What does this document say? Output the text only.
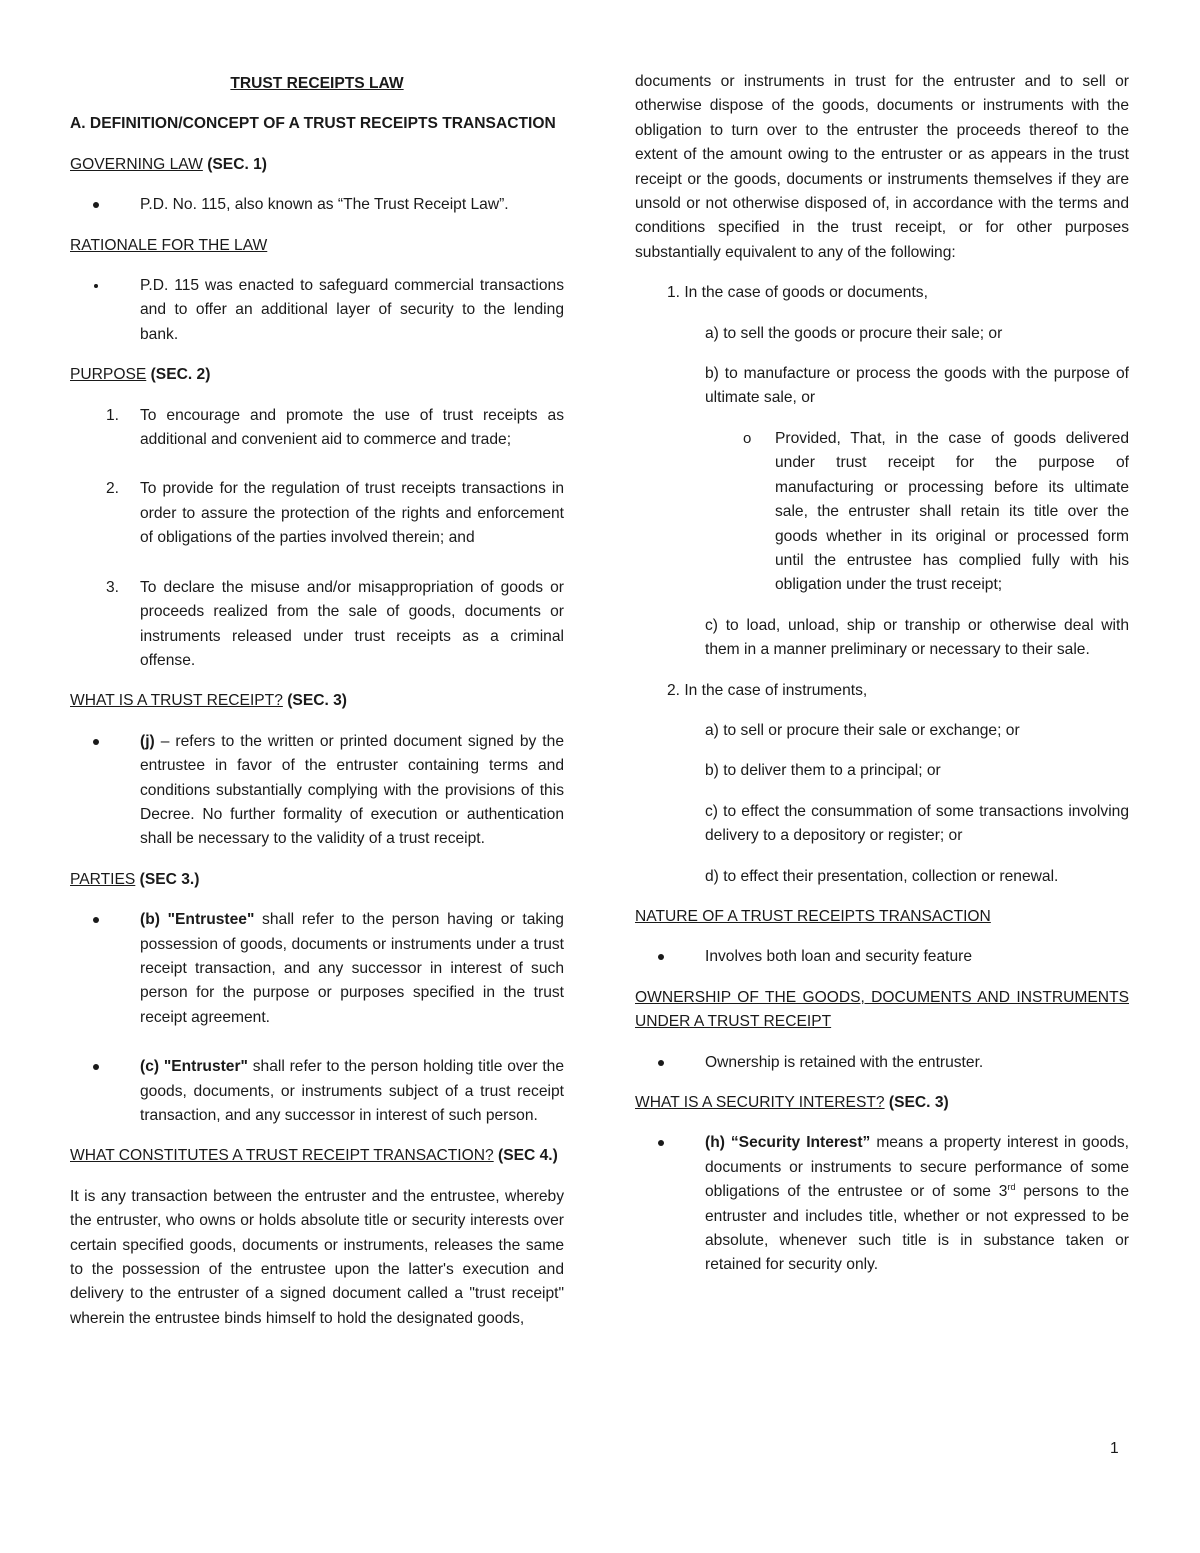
TRUST RECEIPTS LAW

A. DEFINITION/CONCEPT OF A TRUST RECEIPTS TRANSACTION

GOVERNING LAW (SEC. 1)

P.D. No. 115, also known as “The Trust Receipt Law”.

RATIONALE FOR THE LAW

P.D. 115 was enacted to safeguard commercial transactions and to offer an additional layer of security to the lending bank.

PURPOSE (SEC. 2)

1.	To encourage and promote the use of trust receipts as additional and convenient aid to commerce and trade;
2.	To provide for the regulation of trust receipts transactions in order to assure the protection of the rights and enforcement of obligations of the parties involved therein; and
3.	To declare the misuse and/or misappropriation of goods or proceeds realized from the sale of goods, documents or instruments released under trust receipts as a criminal offense.

WHAT IS A TRUST RECEIPT? (SEC. 3)

(j) – refers to the written or printed document signed by the entrustee in favor of the entruster containing terms and conditions substantially complying with the provisions of this Decree. No further formality of execution or authentication shall be necessary to the validity of a trust receipt.

PARTIES (SEC 3.)

(b) "Entrustee" shall refer to the person having or taking possession of goods, documents or instruments under a trust receipt transaction, and any successor in interest of such person for the purpose or purposes specified in the trust receipt agreement.
(c) "Entruster" shall refer to the person holding title over the goods, documents, or instruments subject of a trust receipt transaction, and any successor in interest of such person.

WHAT CONSTITUTES A TRUST RECEIPT TRANSACTION? (SEC 4.)

It is any transaction between the entruster and the entrustee, whereby the entruster, who owns or holds absolute title or security interests over certain specified goods, documents or instruments, releases the same to the possession of the entrustee upon the latter's execution and delivery to the entruster of a signed document called a "trust receipt" wherein the entrustee binds himself to hold the designated goods,

documents or instruments in trust for the entruster and to sell or otherwise dispose of the goods, documents or instruments with the obligation to turn over to the entruster the proceeds thereof to the extent of the amount owing to the entruster or as appears in the trust receipt or the goods, documents or instruments themselves if they are unsold or not otherwise disposed of, in accordance with the terms and conditions specified in the trust receipt, or for other purposes substantially equivalent to any of the following:

1. In the case of goods or documents,

a) to sell the goods or procure their sale; or

b) to manufacture or process the goods with the purpose of ultimate sale, or

o Provided, That, in the case of goods delivered under trust receipt for the purpose of manufacturing or processing before its ultimate sale, the entruster shall retain its title over the goods whether in its original or processed form until the entrustee has complied fully with his obligation under the trust receipt;

c) to load, unload, ship or tranship or otherwise deal with them in a manner preliminary or necessary to their sale.

2. In the case of instruments,

a) to sell or procure their sale or exchange; or

b) to deliver them to a principal; or

c) to effect the consummation of some transactions involving delivery to a depository or register; or

d) to effect their presentation, collection or renewal.

NATURE OF A TRUST RECEIPTS TRANSACTION

Involves both loan and security feature

OWNERSHIP OF THE GOODS, DOCUMENTS AND INSTRUMENTS UNDER A TRUST RECEIPT

Ownership is retained with the entruster.

WHAT IS A SECURITY INTEREST? (SEC. 3)

(h) “Security Interest” means a property interest in goods, documents or instruments to secure performance of some obligations of the entrustee or of some 3rd persons to the entruster and includes title, whether or not expressed to be absolute, whenever such title is in substance taken or retained for security only.
1
